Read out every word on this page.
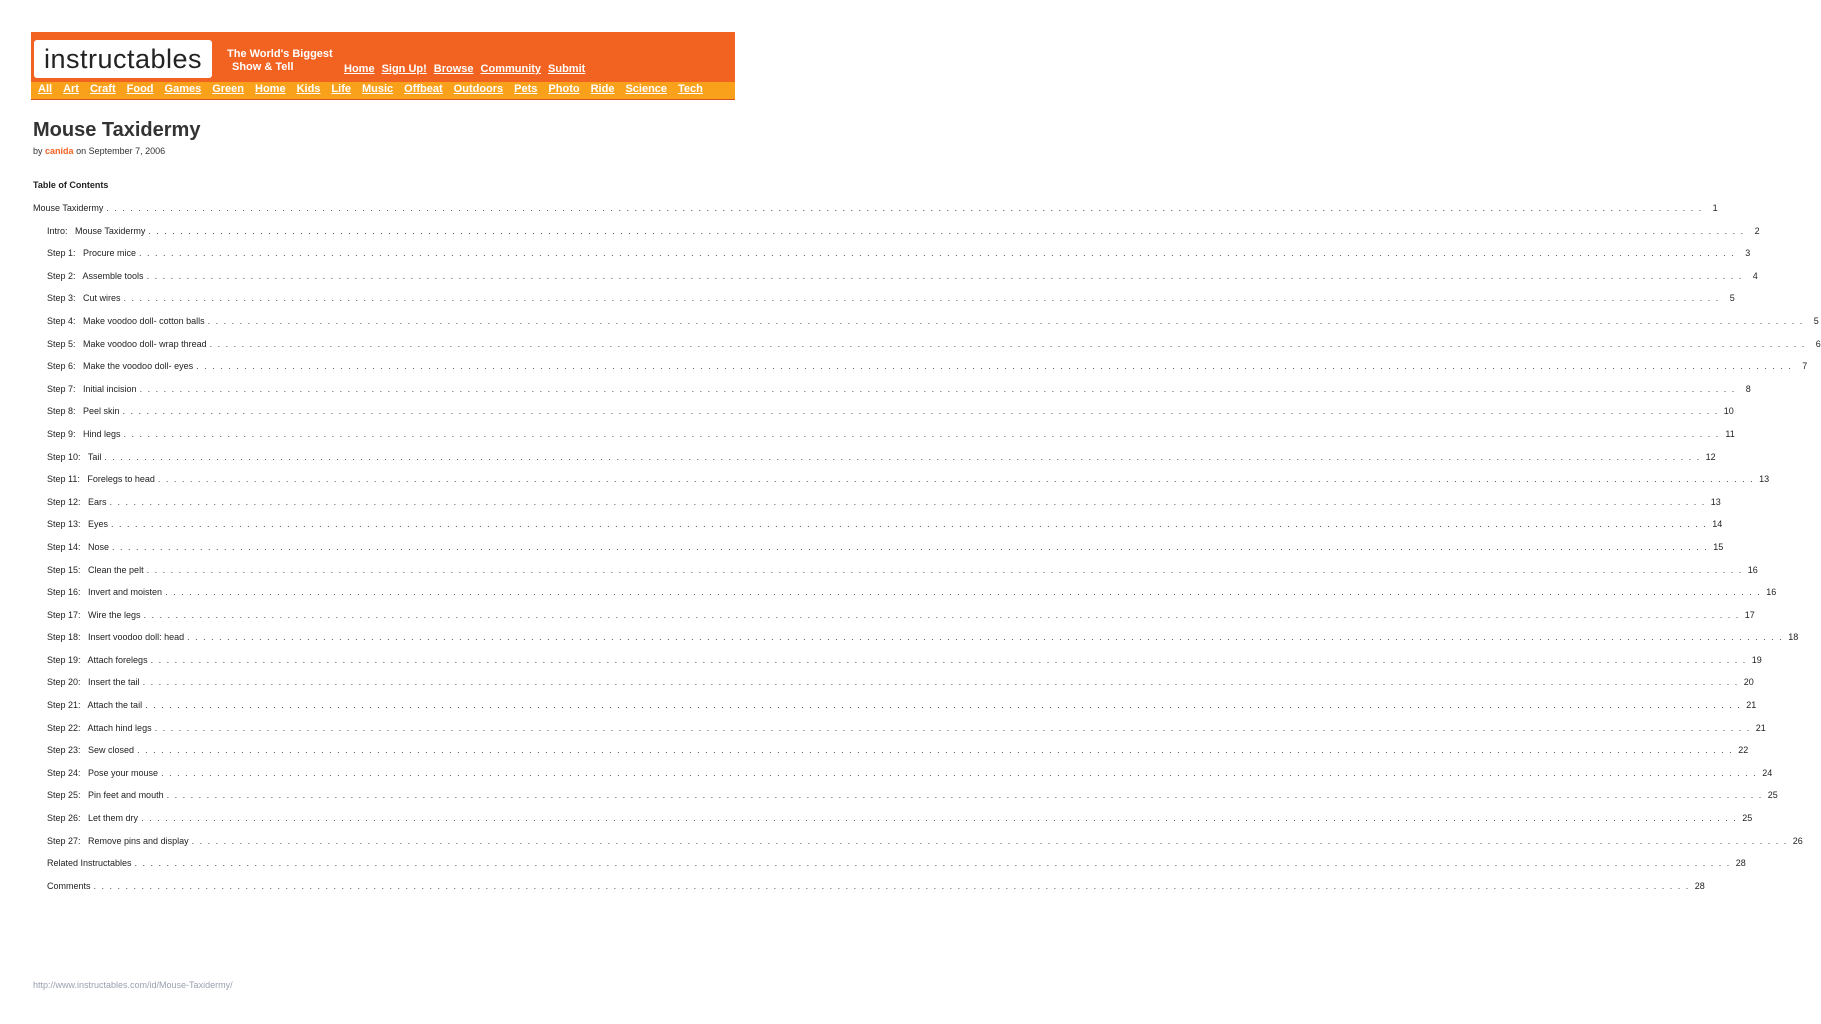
instructables The World's Biggest
Show & Tell	Home Sign Up! Browse Community Submit
All Art Craft Food Games Green Home Kids Life Music Offbeat Outdoors Pets Photo Ride Science Tech
Mouse Taxidermy
by canida on September 7, 2006
Table of Contents
Mouse Taxidermy . . . . . . . . . . . . . . . . . . . . . . . . . . . . . . . . . . . . . . . . . . . . . . . . . . . . . . . . . . . . . . . . . . . . . . . . . . . . . . . . . . . . . . . . . . . . . . . . . . . . . . . . . . . . . . . . . . . . . . . . . . . . . . . . . . . . . . . . . . . . . . . . . . . . . . . . . . . . . . . . . . . . . . . . . . . . . . . . . . . . . . . . . . . . . . . . . . . . . . . .	1
Intro:   Mouse Taxidermy . . . . . . . . . . . . . . . . . . . . . . . . . . . . . . . . . . . . . . . . . . . . . . . . . . . . . . . . . . . . . . . . . . . . . . . . . . . . . . . . . . . . . . . . . . . . . . . . . . . . . . . . . . . . . . . . . . . . . . . . . . . . . . . . . . . . . . . . . . . . . . . . . . . . . . . . . . . . . . . . . . . . . . . . . . . . . . . . . . . . . . . . . . . . . . . . . . . . . . . .	2
Step 1:   Procure mice . . . . . . . . . . . . . . . . . . . . . . . . . . . . . . . . . . . . . . . . . . . . . . . . . . . . . . . . . . . . . . . . . . . . . . . . . . . . . . . . . . . . . . . . . . . . . . . . . . . . . . . . . . . . . . . . . . . . . . . . . . . . . . . . . . . . . . . . . . . . . . . . . . . . . . . . . . . . . . . . . . . . . . . . . . . . . . . . . . . . . . . . . . . . . . . . . . . . . . . .	3
Step 2:   Assemble tools . . . . . . . . . . . . . . . . . . . . . . . . . . . . . . . . . . . . . . . . . . . . . . . . . . . . . . . . . . . . . . . . . . . . . . . . . . . . . . . . . . . . . . . . . . . . . . . . . . . . . . . . . . . . . . . . . . . . . . . . . . . . . . . . . . . . . . . . . . . . . . . . . . . . . . . . . . . . . . . . . . . . . . . . . . . . . . . . . . . . . . . . . . . . . . . . . . . . . . . .	4
Step 3:   Cut wires . . . . . . . . . . . . . . . . . . . . . . . . . . . . . . . . . . . . . . . . . . . . . . . . . . . . . . . . . . . . . . . . . . . . . . . . . . . . . . . . . . . . . . . . . . . . . . . . . . . . . . . . . . . . . . . . . . . . . . . . . . . . . . . . . . . . . . . . . . . . . . . . . . . . . . . . . . . . . . . . . . . . . . . . . . . . . . . . . . . . . . . . . . . . . . . . . . . . . . . .	5
Step 4:   Make voodoo doll- cotton balls . . . . . . . . . . . . . . . . . . . . . . . . . . . . . . . . . . . . . . . . . . . . . . . . . . . . . . . . . . . . . . . . . . . . . . . . . . . . . . . . . . . . . . . . . . . . . . . . . . . . . . . . . . . . . . . . . . . . . . . . . . . . . . . . . . . . . . . . . . . . . . . . . . . . . . . . . . . . . . . . . . . . . . . . . . . . . . . . . . . . . . . . . . . . . . . . . . . . . . . .	5
Step 5:   Make voodoo doll- wrap thread . . . . . . . . . . . . . . . . . . . . . . . . . . . . . . . . . . . . . . . . . . . . . . . . . . . . . . . . . . . . . . . . . . . . . . . . . . . . . . . . . . . . . . . . . . . . . . . . . . . . . . . . . . . . . . . . . . . . . . . . . . . . . . . . . . . . . . . . . . . . . . . . . . . . . . . . . . . . . . . . . . . . . . . . . . . . . . . . . . . . . . . . . . . . . . . . . . . . . . . .	6
Step 6:   Make the voodoo doll- eyes . . . . . . . . . . . . . . . . . . . . . . . . . . . . . . . . . . . . . . . . . . . . . . . . . . . . . . . . . . . . . . . . . . . . . . . . . . . . . . . . . . . . . . . . . . . . . . . . . . . . . . . . . . . . . . . . . . . . . . . . . . . . . . . . . . . . . . . . . . . . . . . . . . . . . . . . . . . . . . . . . . . . . . . . . . . . . . . . . . . . . . . . . . . . . . . . . . . . . . . .	7
Step 7:   Initial incision . . . . . . . . . . . . . . . . . . . . . . . . . . . . . . . . . . . . . . . . . . . . . . . . . . . . . . . . . . . . . . . . . . . . . . . . . . . . . . . . . . . . . . . . . . . . . . . . . . . . . . . . . . . . . . . . . . . . . . . . . . . . . . . . . . . . . . . . . . . . . . . . . . . . . . . . . . . . . . . . . . . . . . . . . . . . . . . . . . . . . . . . . . . . . . . . . . . . . . . .	8
Step 8:   Peel skin . . . . . . . . . . . . . . . . . . . . . . . . . . . . . . . . . . . . . . . . . . . . . . . . . . . . . . . . . . . . . . . . . . . . . . . . . . . . . . . . . . . . . . . . . . . . . . . . . . . . . . . . . . . . . . . . . . . . . . . . . . . . . . . . . . . . . . . . . . . . . . . . . . . . . . . . . . . . . . . . . . . . . . . . . . . . . . . . . . . . . . . . . . . . . . . . . . . . . . . . 10
Step 9:   Hind legs . . . . . . . . . . . . . . . . . . . . . . . . . . . . . . . . . . . . . . . . . . . . . . . . . . . . . . . . . . . . . . . . . . . . . . . . . . . . . . . . . . . . . . . . . . . . . . . . . . . . . . . . . . . . . . . . . . . . . . . . . . . . . . . . . . . . . . . . . . . . . . . . . . . . . . . . . . . . . . . . . . . . . . . . . . . . . . . . . . . . . . . . . . . . . . . . . . . . . . . . 11
Step 10:   Tail . . . . . . . . . . . . . . . . . . . . . . . . . . . . . . . . . . . . . . . . . . . . . . . . . . . . . . . . . . . . . . . . . . . . . . . . . . . . . . . . . . . . . . . . . . . . . . . . . . . . . . . . . . . . . . . . . . . . . . . . . . . . . . . . . . . . . . . . . . . . . . . . . . . . . . . . . . . . . . . . . . . . . . . . . . . . . . . . . . . . . . . . . . . . . . . . . . . . . . . . 12
Step 11:   Forelegs to head . . . . . . . . . . . . . . . . . . . . . . . . . . . . . . . . . . . . . . . . . . . . . . . . . . . . . . . . . . . . . . . . . . . . . . . . . . . . . . . . . . . . . . . . . . . . . . . . . . . . . . . . . . . . . . . . . . . . . . . . . . . . . . . . . . . . . . . . . . . . . . . . . . . . . . . . . . . . . . . . . . . . . . . . . . . . . . . . . . . . . . . . . . . . . . . . . . . . . . . . 13
Step 12:   Ears . . . . . . . . . . . . . . . . . . . . . . . . . . . . . . . . . . . . . . . . . . . . . . . . . . . . . . . . . . . . . . . . . . . . . . . . . . . . . . . . . . . . . . . . . . . . . . . . . . . . . . . . . . . . . . . . . . . . . . . . . . . . . . . . . . . . . . . . . . . . . . . . . . . . . . . . . . . . . . . . . . . . . . . . . . . . . . . . . . . . . . . . . . . . . . . . . . . . . . . . 13
Step 13:   Eyes . . . . . . . . . . . . . . . . . . . . . . . . . . . . . . . . . . . . . . . . . . . . . . . . . . . . . . . . . . . . . . . . . . . . . . . . . . . . . . . . . . . . . . . . . . . . . . . . . . . . . . . . . . . . . . . . . . . . . . . . . . . . . . . . . . . . . . . . . . . . . . . . . . . . . . . . . . . . . . . . . . . . . . . . . . . . . . . . . . . . . . . . . . . . . . . . . . . . . . . . 14
Step 14:   Nose . . . . . . . . . . . . . . . . . . . . . . . . . . . . . . . . . . . . . . . . . . . . . . . . . . . . . . . . . . . . . . . . . . . . . . . . . . . . . . . . . . . . . . . . . . . . . . . . . . . . . . . . . . . . . . . . . . . . . . . . . . . . . . . . . . . . . . . . . . . . . . . . . . . . . . . . . . . . . . . . . . . . . . . . . . . . . . . . . . . . . . . . . . . . . . . . . . . . . . . . 15
Step 15:   Clean the pelt . . . . . . . . . . . . . . . . . . . . . . . . . . . . . . . . . . . . . . . . . . . . . . . . . . . . . . . . . . . . . . . . . . . . . . . . . . . . . . . . . . . . . . . . . . . . . . . . . . . . . . . . . . . . . . . . . . . . . . . . . . . . . . . . . . . . . . . . . . . . . . . . . . . . . . . . . . . . . . . . . . . . . . . . . . . . . . . . . . . . . . . . . . . . . . . . . . . . . . . . 16
Step 16:   Invert and moisten . . . . . . . . . . . . . . . . . . . . . . . . . . . . . . . . . . . . . . . . . . . . . . . . . . . . . . . . . . . . . . . . . . . . . . . . . . . . . . . . . . . . . . . . . . . . . . . . . . . . . . . . . . . . . . . . . . . . . . . . . . . . . . . . . . . . . . . . . . . . . . . . . . . . . . . . . . . . . . . . . . . . . . . . . . . . . . . . . . . . . . . . . . . . . . . . . . . . . . . . 16
Step 17:   Wire the legs . . . . . . . . . . . . . . . . . . . . . . . . . . . . . . . . . . . . . . . . . . . . . . . . . . . . . . . . . . . . . . . . . . . . . . . . . . . . . . . . . . . . . . . . . . . . . . . . . . . . . . . . . . . . . . . . . . . . . . . . . . . . . . . . . . . . . . . . . . . . . . . . . . . . . . . . . . . . . . . . . . . . . . . . . . . . . . . . . . . . . . . . . . . . . . . . . . . . . . . . 17
Step 18:   Insert voodoo doll: head . . . . . . . . . . . . . . . . . . . . . . . . . . . . . . . . . . . . . . . . . . . . . . . . . . . . . . . . . . . . . . . . . . . . . . . . . . . . . . . . . . . . . . . . . . . . . . . . . . . . . . . . . . . . . . . . . . . . . . . . . . . . . . . . . . . . . . . . . . . . . . . . . . . . . . . . . . . . . . . . . . . . . . . . . . . . . . . . . . . . . . . . . . . . . . . . . . . . . . . . 18
Step 19:   Attach forelegs . . . . . . . . . . . . . . . . . . . . . . . . . . . . . . . . . . . . . . . . . . . . . . . . . . . . . . . . . . . . . . . . . . . . . . . . . . . . . . . . . . . . . . . . . . . . . . . . . . . . . . . . . . . . . . . . . . . . . . . . . . . . . . . . . . . . . . . . . . . . . . . . . . . . . . . . . . . . . . . . . . . . . . . . . . . . . . . . . . . . . . . . . . . . . . . . . . . . . . . . 19
Step 20:   Insert the tail . . . . . . . . . . . . . . . . . . . . . . . . . . . . . . . . . . . . . . . . . . . . . . . . . . . . . . . . . . . . . . . . . . . . . . . . . . . . . . . . . . . . . . . . . . . . . . . . . . . . . . . . . . . . . . . . . . . . . . . . . . . . . . . . . . . . . . . . . . . . . . . . . . . . . . . . . . . . . . . . . . . . . . . . . . . . . . . . . . . . . . . . . . . . . . . . . . . . . . . . 20
Step 21:   Attach the tail . . . . . . . . . . . . . . . . . . . . . . . . . . . . . . . . . . . . . . . . . . . . . . . . . . . . . . . . . . . . . . . . . . . . . . . . . . . . . . . . . . . . . . . . . . . . . . . . . . . . . . . . . . . . . . . . . . . . . . . . . . . . . . . . . . . . . . . . . . . . . . . . . . . . . . . . . . . . . . . . . . . . . . . . . . . . . . . . . . . . . . . . . . . . . . . . . . . . . . . . 21
Step 22:   Attach hind legs . . . . . . . . . . . . . . . . . . . . . . . . . . . . . . . . . . . . . . . . . . . . . . . . . . . . . . . . . . . . . . . . . . . . . . . . . . . . . . . . . . . . . . . . . . . . . . . . . . . . . . . . . . . . . . . . . . . . . . . . . . . . . . . . . . . . . . . . . . . . . . . . . . . . . . . . . . . . . . . . . . . . . . . . . . . . . . . . . . . . . . . . . . . . . . . . . . . . . . . . 21
Step 23:   Sew closed . . . . . . . . . . . . . . . . . . . . . . . . . . . . . . . . . . . . . . . . . . . . . . . . . . . . . . . . . . . . . . . . . . . . . . . . . . . . . . . . . . . . . . . . . . . . . . . . . . . . . . . . . . . . . . . . . . . . . . . . . . . . . . . . . . . . . . . . . . . . . . . . . . . . . . . . . . . . . . . . . . . . . . . . . . . . . . . . . . . . . . . . . . . . . . . . . . . . . . . . 22
Step 24:   Pose your mouse . . . . . . . . . . . . . . . . . . . . . . . . . . . . . . . . . . . . . . . . . . . . . . . . . . . . . . . . . . . . . . . . . . . . . . . . . . . . . . . . . . . . . . . . . . . . . . . . . . . . . . . . . . . . . . . . . . . . . . . . . . . . . . . . . . . . . . . . . . . . . . . . . . . . . . . . . . . . . . . . . . . . . . . . . . . . . . . . . . . . . . . . . . . . . . . . . . . . . . . . 24
Step 25:   Pin feet and mouth . . . . . . . . . . . . . . . . . . . . . . . . . . . . . . . . . . . . . . . . . . . . . . . . . . . . . . . . . . . . . . . . . . . . . . . . . . . . . . . . . . . . . . . . . . . . . . . . . . . . . . . . . . . . . . . . . . . . . . . . . . . . . . . . . . . . . . . . . . . . . . . . . . . . . . . . . . . . . . . . . . . . . . . . . . . . . . . . . . . . . . . . . . . . . . . . . . . . . . . . 25
Step 26:   Let them dry . . . . . . . . . . . . . . . . . . . . . . . . . . . . . . . . . . . . . . . . . . . . . . . . . . . . . . . . . . . . . . . . . . . . . . . . . . . . . . . . . . . . . . . . . . . . . . . . . . . . . . . . . . . . . . . . . . . . . . . . . . . . . . . . . . . . . . . . . . . . . . . . . . . . . . . . . . . . . . . . . . . . . . . . . . . . . . . . . . . . . . . . . . . . . . . . . . . . . . . . 25
Step 27:   Remove pins and display . . . . . . . . . . . . . . . . . . . . . . . . . . . . . . . . . . . . . . . . . . . . . . . . . . . . . . . . . . . . . . . . . . . . . . . . . . . . . . . . . . . . . . . . . . . . . . . . . . . . . . . . . . . . . . . . . . . . . . . . . . . . . . . . . . . . . . . . . . . . . . . . . . . . . . . . . . . . . . . . . . . . . . . . . . . . . . . . . . . . . . . . . . . . . . . . . . . . . . . . 26
Related Instructables . . . . . . . . . . . . . . . . . . . . . . . . . . . . . . . . . . . . . . . . . . . . . . . . . . . . . . . . . . . . . . . . . . . . . . . . . . . . . . . . . . . . . . . . . . . . . . . . . . . . . . . . . . . . . . . . . . . . . . . . . . . . . . . . . . . . . . . . . . . . . . . . . . . . . . . . . . . . . . . . . . . . . . . . . . . . . . . . . . . . . . . . . . . . . . . . . . . . . . . . 28
Comments . . . . . . . . . . . . . . . . . . . . . . . . . . . . . . . . . . . . . . . . . . . . . . . . . . . . . . . . . . . . . . . . . . . . . . . . . . . . . . . . . . . . . . . . . . . . . . . . . . . . . . . . . . . . . . . . . . . . . . . . . . . . . . . . . . . . . . . . . . . . . . . . . . . . . . . . . . . . . . . . . . . . . . . . . . . . . . . . . . . . . . . . . . . . . . . . . . . . . . . . 28
http://www.instructables.com/id/Mouse-Taxidermy/
